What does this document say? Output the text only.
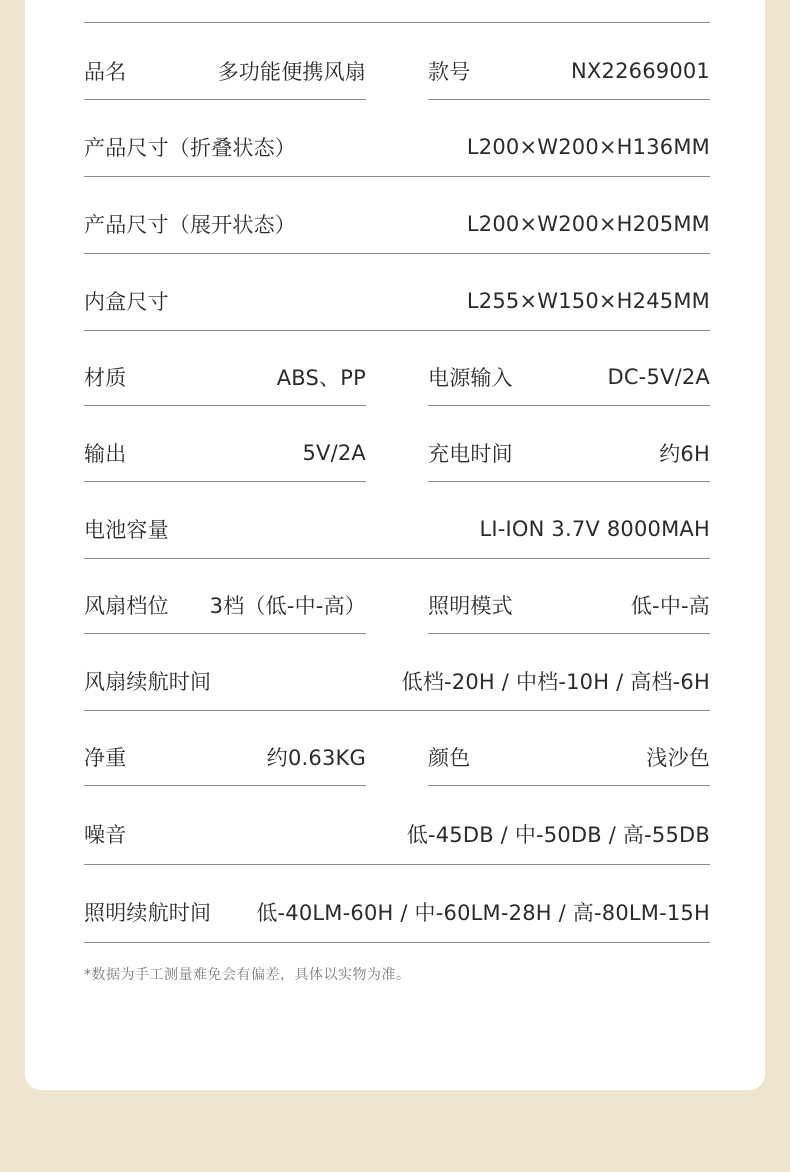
品名	多功能便携风扇	款号	NX22669001
产品尺寸（折叠状态）	L200×W200×H136MM
产品尺寸（展开状态）	L200×W200×H205MM
内盒尺寸	L255×W150×H245MM
材质	ABS、PP	电源输入	DC-5V/2A
输出	5V/2A	充电时间	约6H
电池容量	LI-ION 3.7V 8000MAH
风扇档位 3档（低-中-高）	照明模式	低-中-高
风扇续航时间	低档-20H / 中档-10H / 高档-6H
净重	约0.63KG	颜色	浅沙色
噪音	低-45DB / 中-50DB / 高-55DB
照明续航时间 低-40LM-60H / 中-60LM-28H / 高-80LM-15H
*数据为手工测量难免会有偏差，具体以实物为准。
